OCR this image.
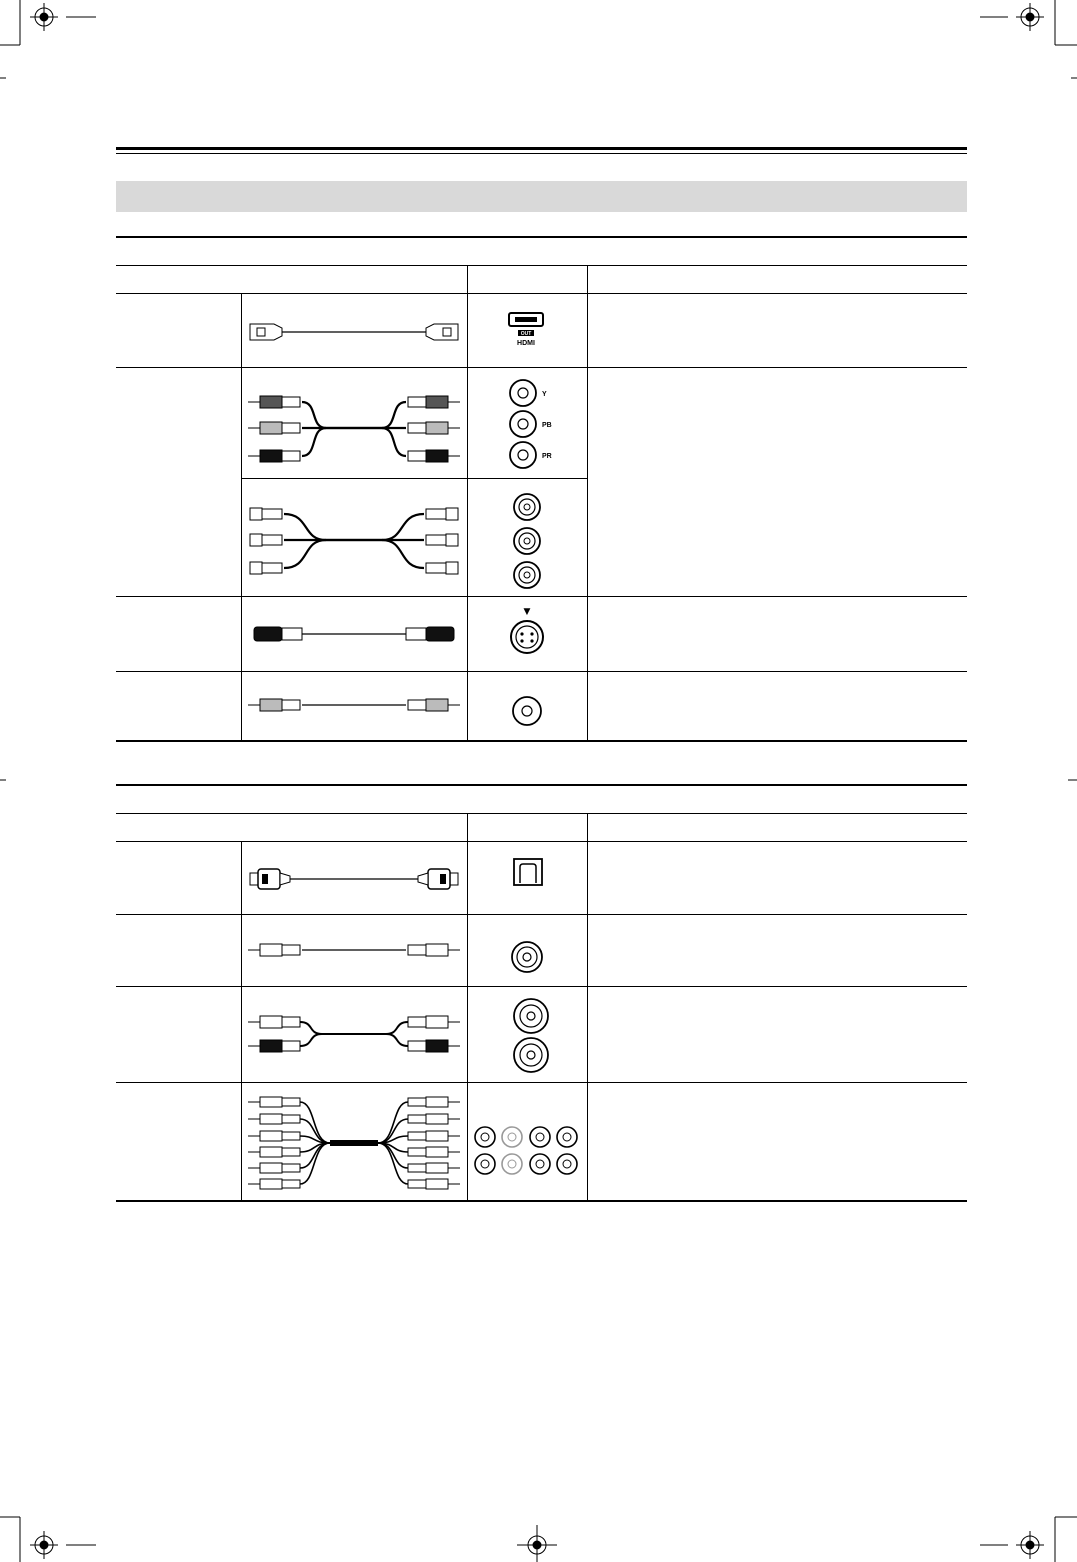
OUT
HDMI
Y
PB
PR
▼
